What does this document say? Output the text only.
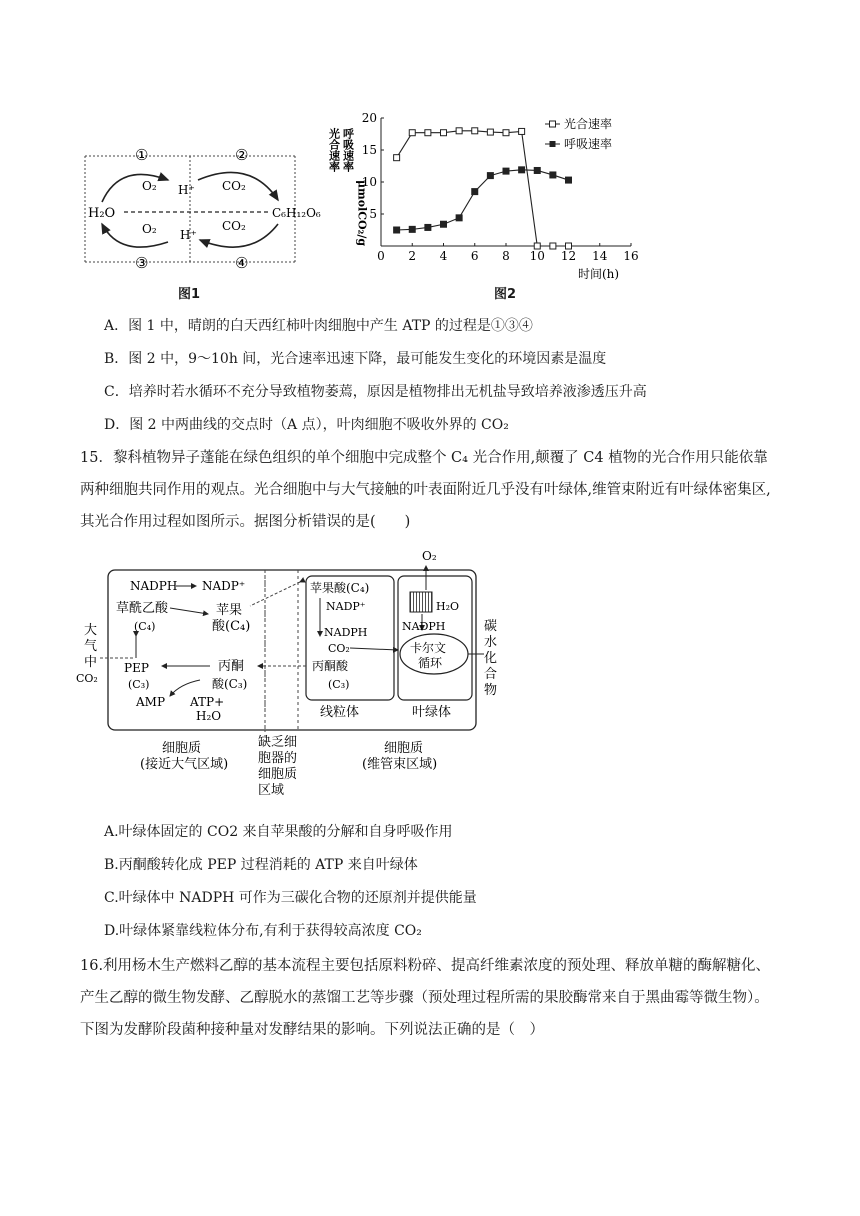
①	②
③	④
O₂ H⁺ CO₂
H₂O	C₆H₁₂O₆
O₂ H⁺
CO₂
图1
0 2 4 6 8 10 12 14 16
5
10
15
20
光合速率 呼吸速率
μmolCO₂/g
时间(h)
光合速率
呼吸速率
图2
A．图 1 中，晴朗的白天西红柿叶肉细胞中产生 ATP 的过程是①③④
B．图 2 中，9～10h 间，光合速率迅速下降，最可能发生变化的环境因素是温度
C．培养时若水循环不充分导致植物萎蔫，原因是植物排出无机盐导致培养液渗透压升高
D．图 2 中两曲线的交点时（A 点），叶肉细胞不吸收外界的 CO₂
15．黎科植物异子蓬能在绿色组织的单个细胞中完成整个 C₄ 光合作用,颠覆了 C4 植物的光合作用只能依靠两种细胞共同作用的观点。光合细胞中与大气接触的叶表面附近几乎没有叶绿体,维管束附近有叶绿体密集区,其光合作用过程如图所示。据图分析错误的是(　　)
NADPH NADP⁺
草酰乙酸
(C₄)
苹果
酸(C₄)
大
气
中
CO₂
PEP
(C₃)
AMP
丙酮
酸(C₃)
ATP+
H₂O
苹果酸(C₄)
NADP⁺
NADPH
CO₂
丙酮酸
(C₃)
线粒体
O₂
H₂O
NADPH
卡尔文
循环
叶绿体
碳
水
化
合
物
细胞质
(接近大气区域)
缺乏细
胞器的
细胞质
区域
细胞质
(维管束区域)
A.叶绿体固定的 CO2 来自苹果酸的分解和自身呼吸作用
B.丙酮酸转化成 PEP 过程消耗的 ATP 来自叶绿体
C.叶绿体中 NADPH 可作为三碳化合物的还原剂并提供能量
D.叶绿体紧靠线粒体分布,有利于获得较高浓度 CO₂
16.利用杨木生产燃料乙醇的基本流程主要包括原料粉碎、提高纤维素浓度的预处理、释放单糖的酶解糖化、产生乙醇的微生物发酵、乙醇脱水的蒸馏工艺等步骤（预处理过程所需的果胶酶常来自于黑曲霉等微生物）。下图为发酵阶段菌种接种量对发酵结果的影响。下列说法正确的是（　）
